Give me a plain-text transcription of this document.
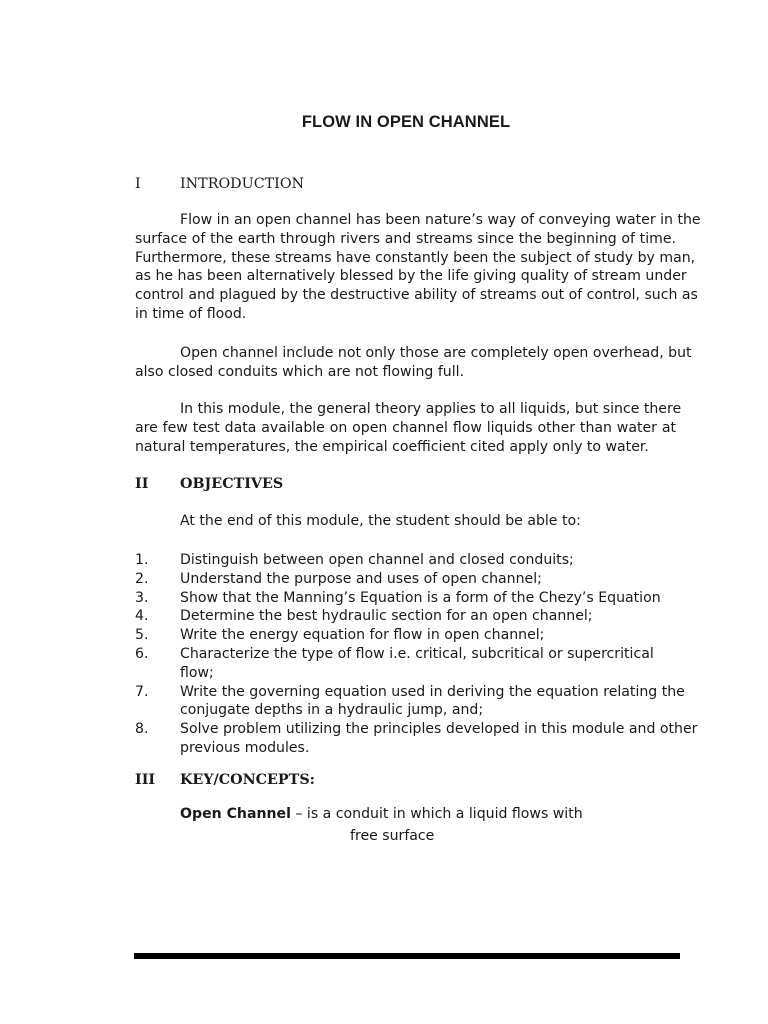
FLOW IN OPEN CHANNEL
I	INTRODUCTION
Flow in an open channel has been nature’s way of conveying water in the
surface of the earth through rivers and streams since the beginning of time.
Furthermore, these streams have constantly been the subject of study by man,
as he has been alternatively blessed by the life giving quality of stream under
control and plagued by the destructive ability of streams out of control, such as
in time of flood.
Open channel include not only those are completely open overhead, but
also closed conduits which are not flowing full.
In this module, the general theory applies to all liquids, but since there
are few test data available on open channel flow liquids other than water at
natural temperatures, the empirical coefficient cited apply only to water.
II OBJECTIVES
At the end of this module, the student should be able to:
1. Distinguish between open channel and closed conduits;
2. Understand the purpose and uses of open channel;
3. Show that the Manning’s Equation is a form of the Chezy’s Equation
4. Determine the best hydraulic section for an open channel;
5. Write the energy equation for flow in open channel;
6. Characterize the type of flow i.e. critical, subcritical or supercritical flow;
7. Write the governing equation used in deriving the equation relating the
conjugate depths in a hydraulic jump, and;
8. Solve problem utilizing the principles developed in this module and other
previous modules.
III KEY/CONCEPTS:
Open Channel – is a conduit in which a liquid flows with
free surface
